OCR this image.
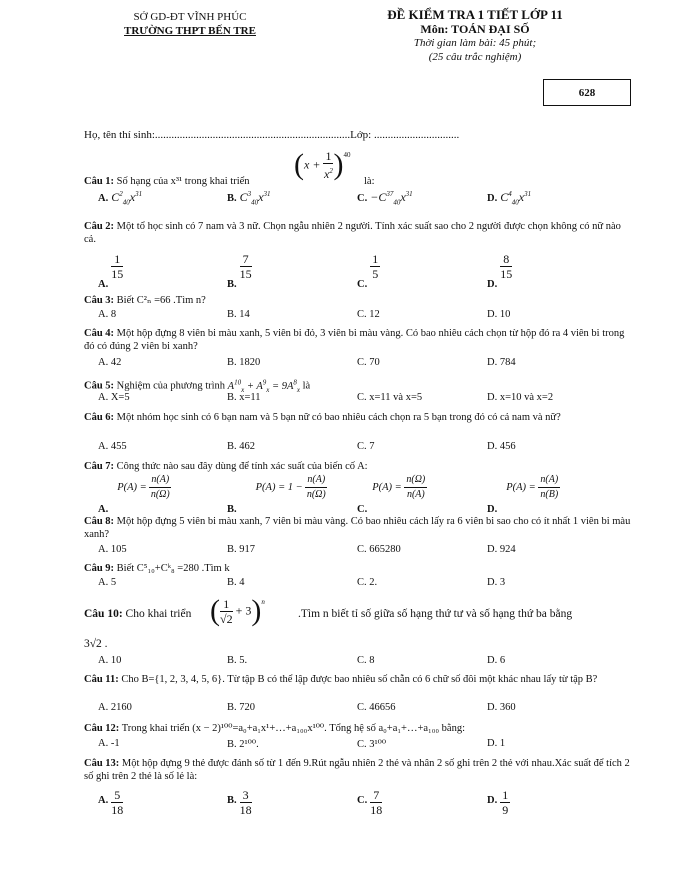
SỞ GD-ĐT VĨNH PHÚC
TRƯỜNG THPT BẾN TRE
ĐỀ KIỂM TRA 1 TIẾT LỚP 11
Môn: TOÁN ĐẠI SỐ
Thời gian làm bài: 45 phút;
(25 câu trắc nghiệm)
628
Họ, tên thí sinh:.......................................................................Lớp: ...............................
Câu 1: Số hạng của x³¹ trong khai triển
$(x + \frac{1}{x^2} )^{40}$
là:
A. $C^2_{40}x^{31}$	B. $C^3_{40}x^{31}$	C. $-C^{37}_{40}x^{31}$	D. $C^4_{40}x^{31}$
Câu 2: Một tổ học sinh có 7 nam và 3 nữ. Chọn ngẫu nhiên 2 người. Tính xác suất sao cho 2 người được chọn không có nữ nào cả.
A.
$\frac{1}{15}$
B.
$\frac{7}{15}$
C.
$\frac{1}{5}$
D.
$\frac{8}{15}$
Câu 3: Biết C²ₙ =66 .Tìm n?
A. 8	B. 14	C. 12	D. 10
Câu 4: Một hộp đựng 8 viên bi màu xanh, 5 viên bi đỏ, 3 viên bi màu vàng. Có bao nhiêu cách chọn từ hộp đó ra 4 viên bi trong đó có đúng 2 viên bi xanh?
A. 42	B. 1820	C. 70	D. 784
Câu 5: Nghiệm của phương trình $A^{10}_x + A^9_x = 9A^8_x$ là
A. X=5	B. x=11	C. x=11 và x=5	D. x=10 và x=2
Câu 6: Một nhóm học sinh có 6 bạn nam và 5 bạn nữ có bao nhiêu cách chọn ra 5 bạn trong đó có cả nam và nữ?
A. 455	B. 462	C. 7	D. 456
Câu 7: Công thức nào sau đây dùng để tính xác suất của biến cố A:
$A.P(A) = \frac{n(A)}{n(\Omega)}$
$B.P(A) = 1 - \frac{n(A)}{n(\Omega)}$
$C.P(A) = \frac{n(\Omega)}{n(A)}$
$D.P(A) = \frac{n(A)}{n(B)}$
Câu 8: Một hộp đựng 5 viên bi màu xanh, 7 viên bi màu vàng. Có bao nhiêu cách lấy ra 6 viên bi sao cho có ít nhất 1 viên bi màu xanh?
A. 105	B. 917	C. 665280	D. 924
Câu 9: Biết C⁵₁₀+Cᵏ₈ =280 .Tìm k
A. 5	B. 4	C. 2.	D. 3
Câu 10: Cho khai triển ( $\frac{1}{√2} + 3)^n$
.Tìm n biết tỉ số giữa số hạng thứ tư và số hạng thứ ba bằng
3√2 .
A. 10	B. 5.	C. 8	D. 6
Câu 11: Cho B={1, 2, 3, 4, 5, 6}. Từ tập B có thể lập được bao nhiêu số chẵn có 6 chữ số đôi một khác nhau lấy từ tập B?
A. 2160	B. 720	C. 46656	D. 360
Câu 12: Trong khai triển (x − 2)¹⁰⁰=a₀+a₁x¹+…+a₁₀₀x¹⁰⁰. Tổng hệ số a₀+a₁+…+a₁₀₀ bằng:
A. -1	B. 2¹⁰⁰.	C. 3¹⁰⁰	D. 1
Câu 13: Một hộp đựng 9 thẻ được đánh số từ 1 đến 9.Rút ngẫu nhiên 2 thẻ và nhân 2 số ghi trên 2 thẻ với nhau.Xác suất để tích 2 số ghi trên 2 thẻ là số lẻ là:
A. $\frac{5}{18}$	B. $\frac{3}{18}$	C. $\frac{7}{18}$	D. $\frac{1}{9}$
